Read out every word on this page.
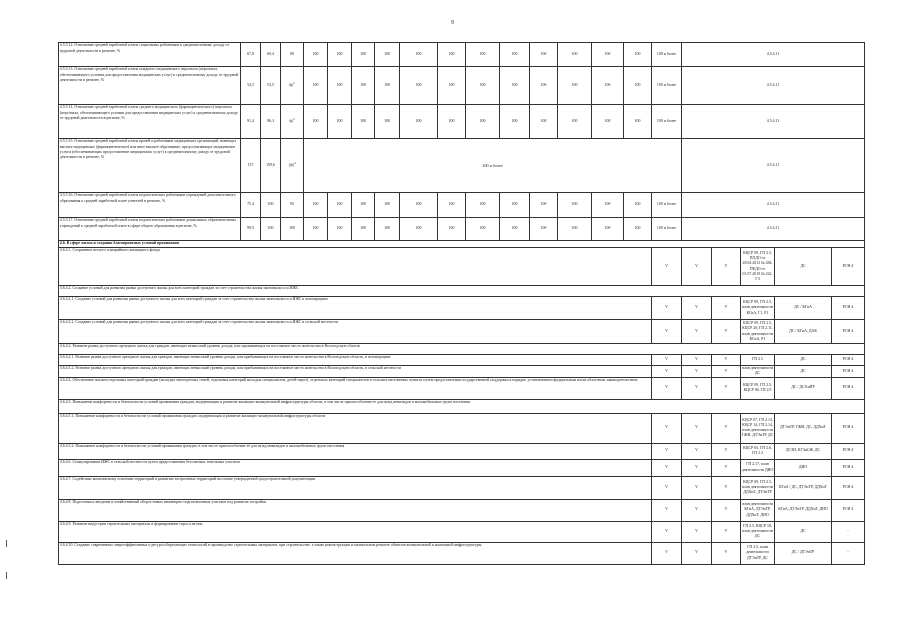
9
4.5.5.12. Отношение средней заработной платы социальных работников к среднемесячному доходу от трудовой деятельности в регионе, %	67,8	60,4	80	100	100	100	100	100	100	100	100	100	100	100	100	100 и более	4.5.4.11				
4.5.5.13. Отношение средней заработной платы младшего медицинского персонала (персонала, обеспечивающего условия для предоставления медицинских услуг) к среднемесячному доходу от трудовой деятельности в регионе, %	54,5	53,5	$80^2$	100	100	100	100	100	100	100	100	100	100	100	100	100 и более	4.5.4.11				
4.5.5.14. Отношение средней заработной платы среднего медицинского (фармацевтического) персонала (персонала, обеспечивающего условия для предоставления медицинских услуг) к среднемесячному доходу от трудовой деятельности в регионе, %	91,4	86,3	$90^3$	100	100	100	100	100	100	100	100	100	100	100	100	100 и более	4.5.4.11				
4.5.5.15. Отношение средней заработной платы врачей и работников медицинских организаций, имеющих высшее медицинское (фармацевтическое) или иное высшее образование, предоставляющих медицинские услуги (обеспечивающих предоставление медицинских услуг) к среднемесячному доходу от трудовой деятельности в регионе, %	137	159,6	$180^4$	200 и более													4.5.4.11				
4.5.5.16. Отношение средней заработной платы педагогических работников учреждений дополнительного образования к средней заработной плате учителей в регионе, %	75,4	100	95	100	100	100	100	100	100	100	100	100	100	100	100	100 и более	4.5.4.11				
4.5.5.17. Отношение средней заработной платы педагогических работников дошкольных образовательных учреждений к средней заработной плате в сфере общего образования в регионе, %	99,5	100	100	100	100	100	100	100	100	100	100	100	100	100	100	100 и более	4.5.4.11				
4.6. В сфере жилья и создания благоприятных условий проживания																					
4.6.4.1. Сохранение ветхого и аварийного жилищного фонда																V	V	V	КЦСР 09, ГП 2.5, ПЛДО от 28.04.2013 № 484, ПЕДО от 01.07.2019 № 222, ГЗ	ДС	РСН 4
4.6.4.2. Создание условий для развития рынка доступного жилья для всех категорий граждан за счет строительства жилья экономкласса и ИЖС																					
4.6.4.2.1. Создание условий для развития рынка доступного жилья для всех категорий граждан за счет строительства жилья экономкласса и ИЖС в агломерациях																V	V	V	КЦСР 09, ГП 2.5, план деятельности КГиА, Г1, Р1	ДС / КГиА	РСН 4
4.6.4.2.2. Создание условий для развития рынка доступного жилья для всех категорий граждан за счет строительства жилья экономкласса и ИЖС в сельской местности																V	V	V	КЦСР 09, ГП 2.5, КЦСР 20, ГП 2.11, план деятельности КГиА, Р1	ДС / КГиА, ДАК	РСН 4
4.6.4.2. Развитие рынка доступного арендного жилья для граждан, имеющих невысокий уровень дохода, или проживающих на постоянное место жительства в Вологодскую область																					
4.6.4.2.1. Развитие рынка доступного арендного жилья для граждан, имеющих невысокий уровень дохода, или прибывающих на постоянное место жительства в Вологодскую область, в агломерациях																V	V	V	ГП 2.5	ДС	РСН 4
4.6.4.3.2. Развитие рынка доступного арендного жилья для граждан, имеющих невысокий уровень дохода, или прибывающих на постоянное место жительства в Вологодскую область, в сельской местности																V	V	V	план деятельности ДС	ДС	РСН 4
4.6.4.4. Обеспечение жильем отдельных категорий граждан (молодых многодетных семей, отдельных категорий молодых специалистов, детей-сирот), отдельных категорий специалистов в сельских населенных пунктах путем предоставления государственной поддержки в порядке, установленном федеральным и/или областным законодательством																V	V	V	КЦСР 09, ГП 2.5, КЦСР 06, ГП 2.9	ДС / ДСХиПР	РСН 4
4.6.4.5. Повышение комфортности и безопасности условий проживания граждан, модернизация и развитие жилищно-коммунальной инфраструктуры области, в том числе приспособление ее для нужд инвалидов и маломобильных групп населения																					
4.6.4.5.1. Повышение комфортности и безопасности условий проживания граждан, модернизация и развитие жилищно-коммунальной инфраструктуры области																V	V	V	КЦСР 07, ГП 2.13, КЦСР 14, ГП 2.14, план деятельности ГЖИ, ДТЭиТР, ДС	ДТЭиТР, ГЖИ, ДС, ДДХиТ	РСН 4
4.6.4.5.2. Повышение комфортности и безопасности условий проживания граждан, в том числе приспособление ее для нужд инвалидов и маломобильных групп населения																V	V	V	КЦСР 05, ГП 2.6, ГП 2.3	ДСЗН, КГЗиСЖ, ДС	РСН 4
4.6.4.6. Стимулирование ИЖС в сельской местности путем предоставления бесплатных земельных участков																V	V	V	ГП 2.17, план деятельности ДИО	ДИО	РСН 4
4.6.4.7. Содействие комплексному освоению территорий и развитию застроенных территорий на основе утвержденной градостроительной документации																V	V	V	КЦСР 09, ГП 2.5, план деятельности ДДХиТ, ДТЭиТР	КГиА / ДС, ДТЭиТР, ДДХиТ	РСН 4
4.6.4.8. Подготовка и введение в хозяйственный оборот новых инженерно-подготовленных участков под развитие застройки																V	V	V	план деятельности КГиА, ДТЭиТР, ДДХиТ, ДИО	КГиА, ДТЭиТР, ДДХиТ, ДИО	РСН 4
4.6.4.9. Развитие индустрии строительных материалов и формирование спроса на них																V	V	V	ГП 2.5, КЦСР 18, план деятельности ДС	ДС	-
4.6.4.10. Создание современных энергоэффективных и ресурсосберегающих технологий в производство строительных материалов, при строительстве, а также реконструкции и капитальном ремонте объектов коммунальной и жилищной инфраструктуры																V	V	V	ГП 2.5, план деятельности ДТЭиТР, ДС	ДС / ДТЭиТР	-
